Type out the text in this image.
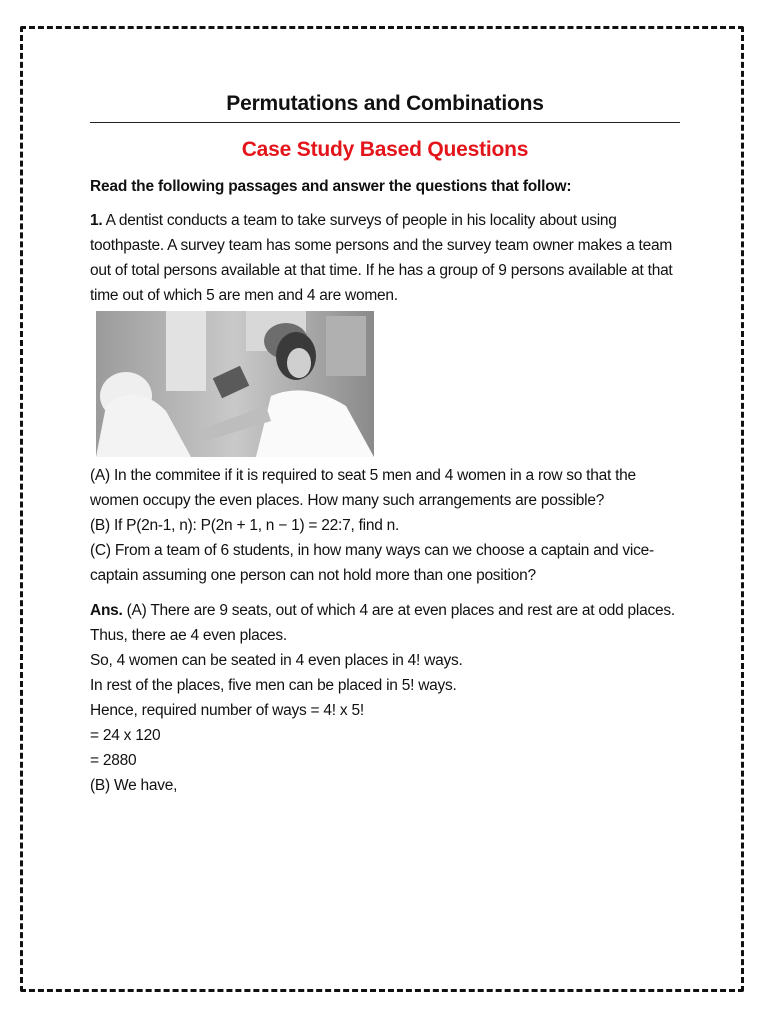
Permutations and Combinations
Case Study Based Questions
Read the following passages and answer the questions that follow:

1. A dentist conducts a team to take surveys of people in his locality about using toothpaste. A survey team has some persons and the survey team owner makes a team out of total persons available at that time. If he has a group of 9 persons available at that time out of which 5 are men and 4 are women.

(A) In the commitee if it is required to seat 5 men and 4 women in a row so that the women occupy the even places. How many such arrangements are possible?

(B) If P(2n-1, n): P(2n + 1, n − 1) = 22:7, find n.

(C) From a team of 6 students, in how many ways can we choose a captain and vice-captain assuming one person can not hold more than one position?

Ans. (A) There are 9 seats, out of which 4 are at even places and rest are at odd places.

Thus, there ae 4 even places.

So, 4 women can be seated in 4 even places in 4! ways.

In rest of the places, five men can be placed in 5! ways.

Hence, required number of ways = 4! x 5!

= 24 x 120

= 2880

(B) We have,
